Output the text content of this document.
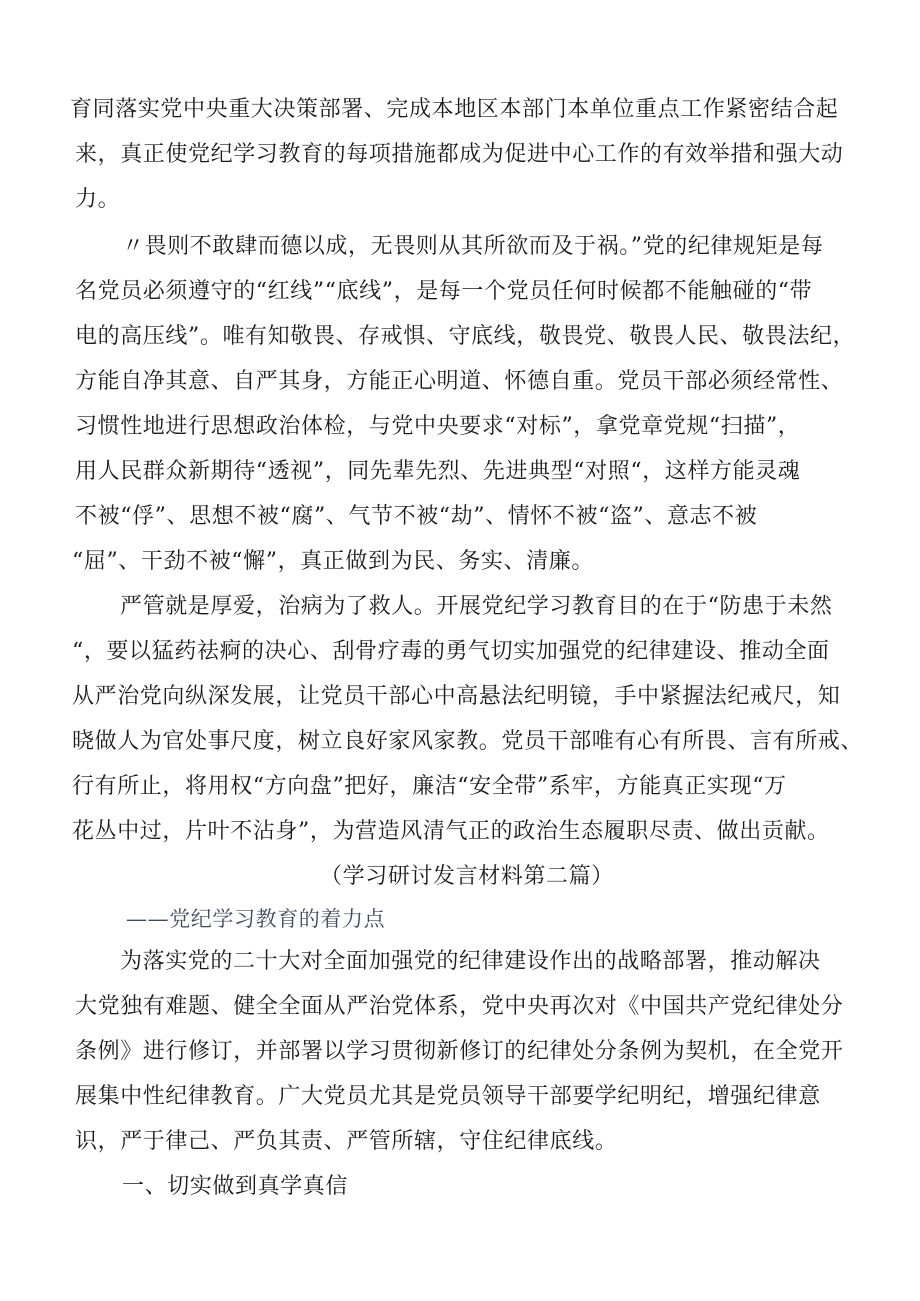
育同落实党中央重大决策部署、完成本地区本部门本单位重点工作紧密结合起
来，真正使党纪学习教育的每项措施都成为促进中心工作的有效举措和强大动
力。
〃畏则不敢肆而德以成，无畏则从其所欲而及于祸。”党的纪律规矩是每
名党员必须遵守的“红线”“底线”，是每一个党员任何时候都不能触碰的“带
电的高压线”。唯有知敬畏、存戒惧、守底线，敬畏党、敬畏人民、敬畏法纪，
方能自净其意、自严其身，方能正心明道、怀德自重。党员干部必须经常性、
习惯性地进行思想政治体检，与党中央要求“对标”，拿党章党规“扫描”，
用人民群众新期待“透视”，同先辈先烈、先进典型“对照“，这样方能灵魂
不被“俘”、思想不被“腐”、气节不被“劫”、情怀不被“盗”、意志不被
“屈”、干劲不被“懈”，真正做到为民、务实、清廉。
严管就是厚爱，治病为了救人。开展党纪学习教育目的在于“防患于未然
“，要以猛药祛痾的决心、刮骨疗毒的勇气切实加强党的纪律建设、推动全面
从严治党向纵深发展，让党员干部心中高悬法纪明镜，手中紧握法纪戒尺，知
晓做人为官处事尺度，树立良好家风家教。党员干部唯有心有所畏、言有所戒、
行有所止，将用权“方向盘”把好，廉洁“安全带”系牢，方能真正实现“万
花丛中过，片叶不沾身”，为营造风清气正的政治生态履职尽责、做出贡献。
（学习研讨发言材料第二篇）
——党纪学习教育的着力点
为落实党的二十大对全面加强党的纪律建设作出的战略部署，推动解决
大党独有难题、健全全面从严治党体系，党中央再次对《中国共产党纪律处分
条例》进行修订，并部署以学习贯彻新修订的纪律处分条例为契机，在全党开
展集中性纪律教育。广大党员尤其是党员领导干部要学纪明纪，增强纪律意
识，严于律己、严负其责、严管所辖，守住纪律底线。
一、切实做到真学真信
